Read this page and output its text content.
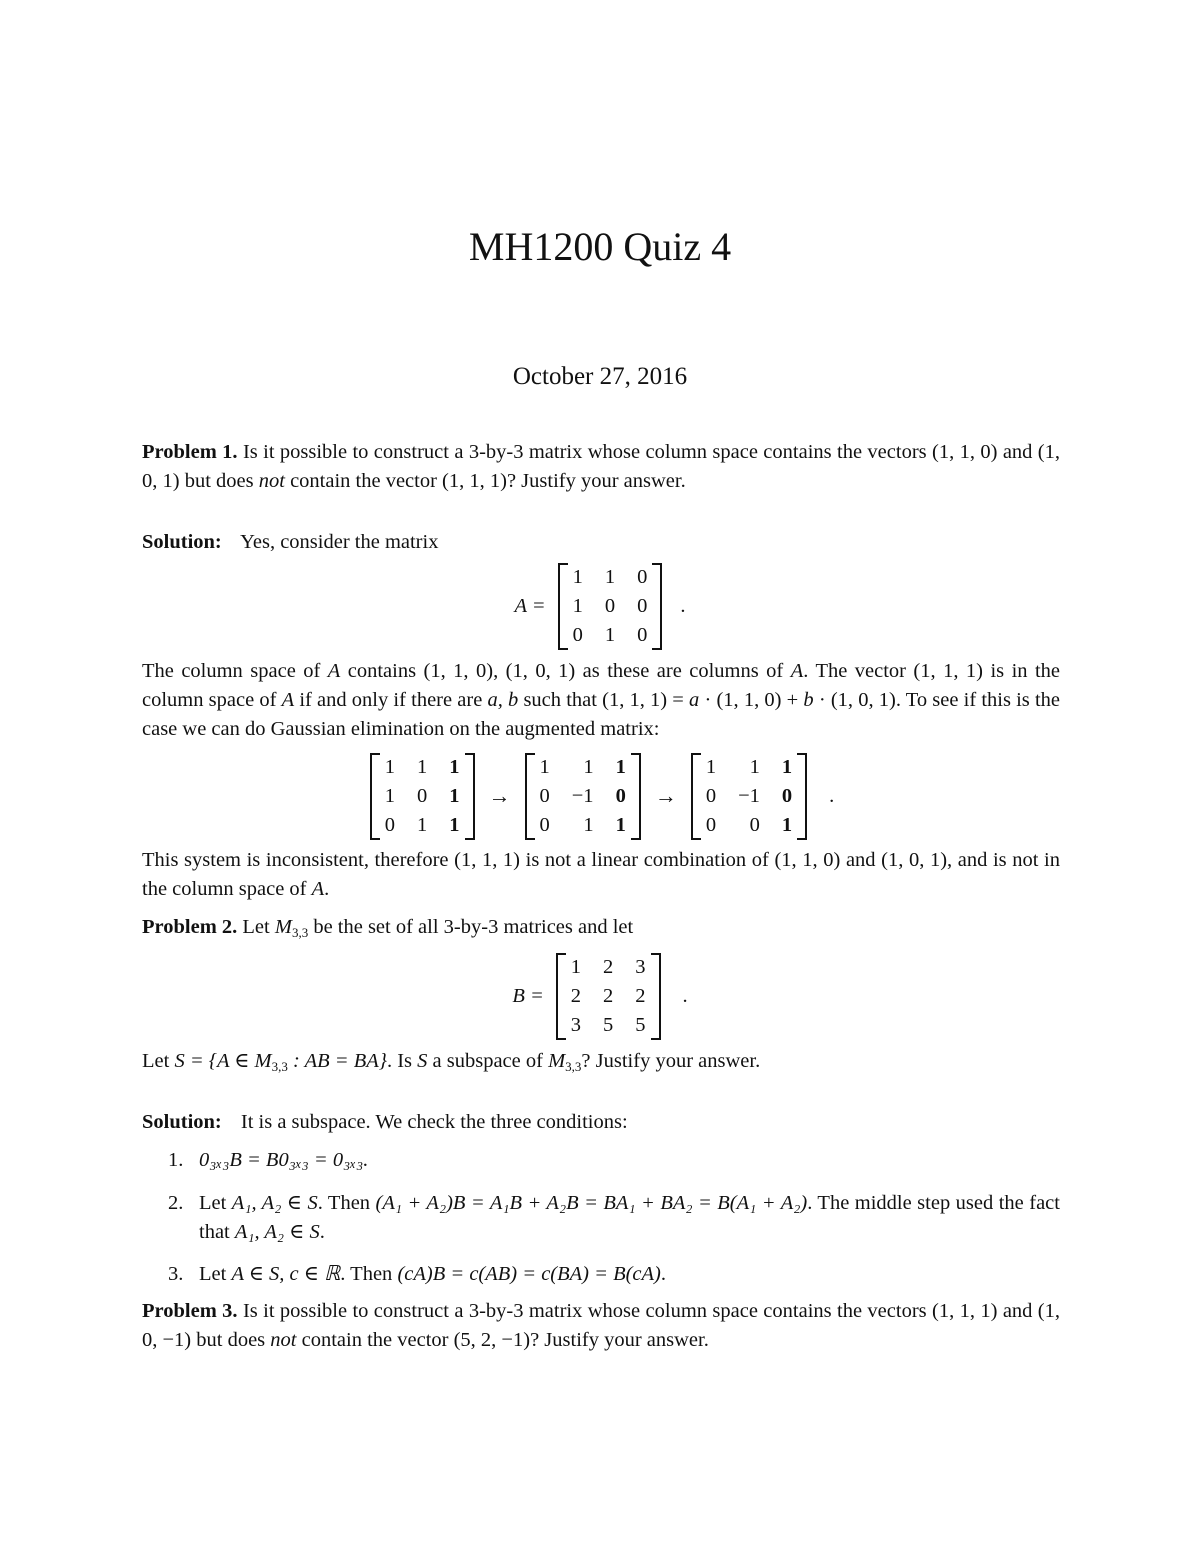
MH1200 Quiz 4
October 27, 2016
Problem 1. Is it possible to construct a 3-by-3 matrix whose column space contains the vectors (1, 1, 0) and (1, 0, 1) but does not contain the vector (1, 1, 1)? Justify your answer.
Solution: Yes, consider the matrix
A =
1 1 0
1 0 0
0 1 0
.
The column space of A contains (1, 1, 0), (1, 0, 1) as these are columns of A. The vector (1, 1, 1) is in the column space of A if and only if there are a, b such that (1, 1, 1) = a · (1, 1, 0) + b · (1, 0, 1). To see if this is the case we can do Gaussian elimination on the augmented matrix:
1 1 1
1 0 1
0 1 1
→
1	1 1
0 −1 0
0	1 1
→
1	1 1
0 −1 0
0	0 1
.
This system is inconsistent, therefore (1, 1, 1) is not a linear combination of (1, 1, 0) and (1, 0, 1), and is not in the column space of A.
Problem 2. Let $M_{3,3}$ be the set of all 3-by-3 matrices and let
B =
1 2 3
2 2 2
3 5 5
.
Let S = {A ∈ $M_{3,3}$ : AB = BA}. Is S a subspace of $M_{3,3}$? Justify your answer.
Solution: It is a subspace. We check the three conditions:
1. 0₃ₓ₃B = B0₃ₓ₃ = 0₃ₓ₃.
2. Let A₁, A₂ ∈ S. Then (A₁ + A₂)B = A₁B + A₂B = BA₁ + BA₂ = B(A₁ + A₂). The middle step used the fact that A₁, A₂ ∈ S.
3. Let A ∈ S, c ∈ ℝ. Then (cA)B = c(AB) = c(BA) = B(cA).
Problem 3. Is it possible to construct a 3-by-3 matrix whose column space contains the vectors (1, 1, 1) and (1, 0, −1) but does not contain the vector (5, 2, −1)? Justify your answer.
